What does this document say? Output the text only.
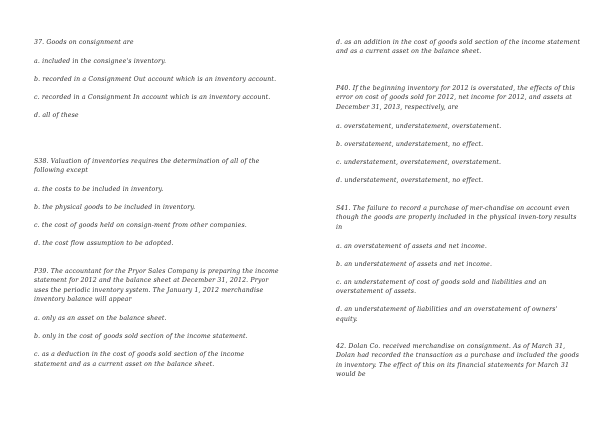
37. Goods on consignment are

a. included in the consignee's inventory.

b. recorded in a Consignment Out account which is an inventory account.

c. recorded in a Consignment In account which is an inventory account.

d. all of these

S38. Valuation of inventories requires the determination of all of the following except

a. the costs to be included in inventory.

b. the physical goods to be included in inventory.

c. the cost of goods held on consign-ment from other companies.

d. the cost flow assumption to be adopted.

P39. The accountant for the Pryor Sales Company is preparing the income statement for 2012 and the balance sheet at December 31, 2012. Pryor uses the periodic inventory system. The January 1, 2012 merchandise inventory balance will appear

a. only as an asset on the balance sheet.

b. only in the cost of goods sold section of the income statement.

c. as a deduction in the cost of goods sold section of the income statement and as a current asset on the balance sheet.

d. as an addition in the cost of goods sold section of the income statement and as a current asset on the balance sheet.

P40. If the beginning inventory for 2012 is overstated, the effects of this error on cost of goods sold for 2012, net income for 2012, and assets at December 31, 2013, respectively, are

a. overstatement, understatement, overstatement.

b. overstatement, understatement, no effect.

c. understatement, overstatement, overstatement.

d. understatement, overstatement, no effect.

S41. The failure to record a purchase of mer-chandise on account even though the goods are properly included in the physical inven-tory results in

a. an overstatement of assets and net income.

b. an understatement of assets and net income.

c. an understatement of cost of goods sold and liabilities and an overstatement of assets.

d. an understatement of liabilities and an overstatement of owners' equity.

42. Dolan Co. received merchandise on consignment. As of March 31, Dolan had recorded the transaction as a purchase and included the goods in inventory. The effect of this on its financial statements for March 31 would be
